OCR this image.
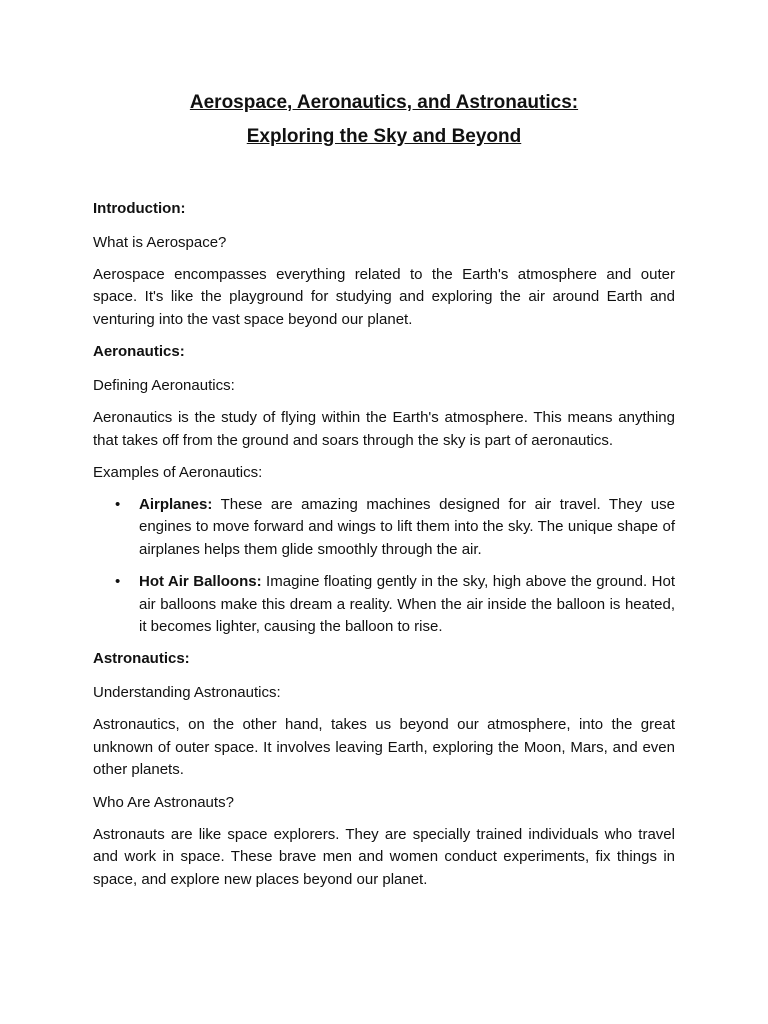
Aerospace, Aeronautics, and Astronautics:
Exploring the Sky and Beyond

Introduction:

What is Aerospace?

Aerospace encompasses everything related to the Earth's atmosphere and outer space. It's like the playground for studying and exploring the air around Earth and venturing into the vast space beyond our planet.

Aeronautics:

Defining Aeronautics:

Aeronautics is the study of flying within the Earth's atmosphere. This means anything that takes off from the ground and soars through the sky is part of aeronautics.

Examples of Aeronautics:

• Airplanes: These are amazing machines designed for air travel. They use engines to move forward and wings to lift them into the sky. The unique shape of airplanes helps them glide smoothly through the air.
• Hot Air Balloons: Imagine floating gently in the sky, high above the ground. Hot air balloons make this dream a reality. When the air inside the balloon is heated, it becomes lighter, causing the balloon to rise.

Astronautics:

Understanding Astronautics:

Astronautics, on the other hand, takes us beyond our atmosphere, into the great unknown of outer space. It involves leaving Earth, exploring the Moon, Mars, and even other planets.

Who Are Astronauts?

Astronauts are like space explorers. They are specially trained individuals who travel and work in space. These brave men and women conduct experiments, fix things in space, and explore new places beyond our planet.
